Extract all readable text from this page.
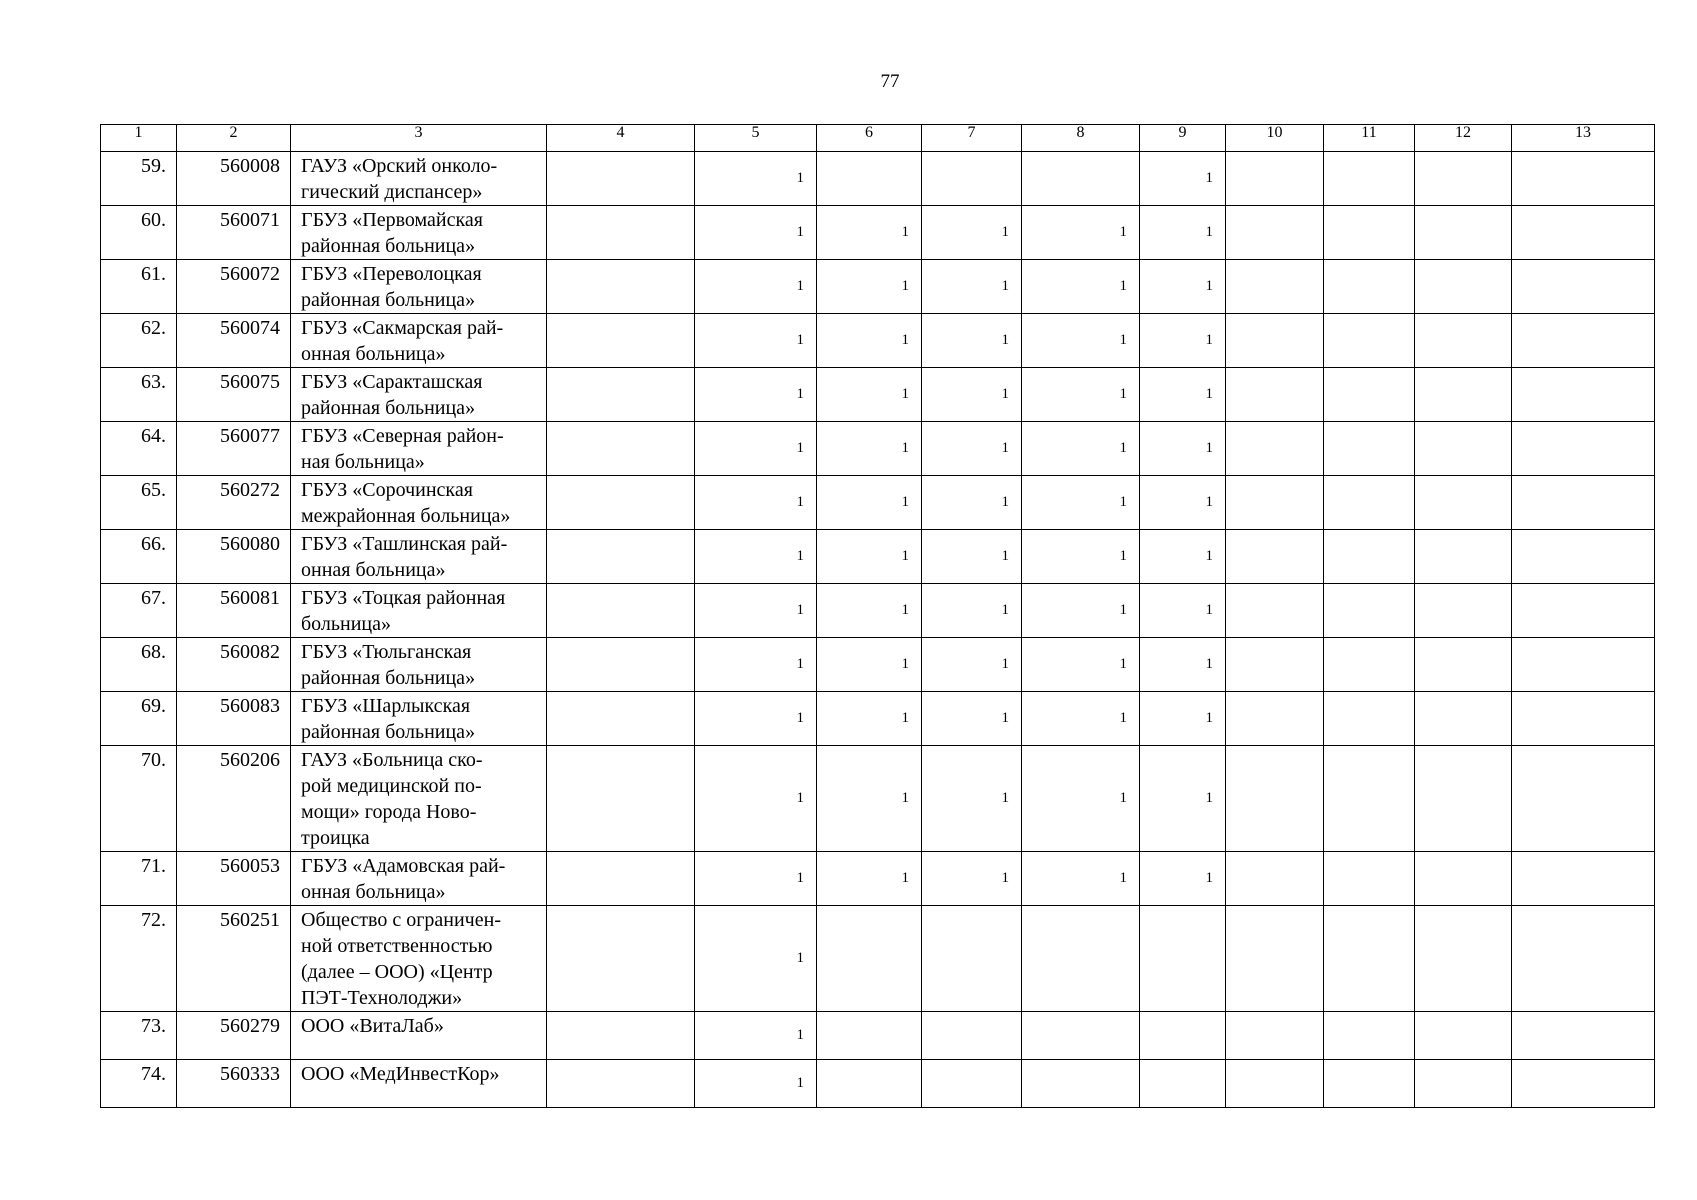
77
1	2	3	4	5	6	7	8	9	10	11	12	13
59.	560008	ГАУЗ «Орский онколо-
гический диспансер»		1				1				
60.	560071	ГБУЗ «Первомайская
районная больница»		1	1	1	1	1				
61.	560072	ГБУЗ «Переволоцкая
районная больница»		1	1	1	1	1				
62.	560074	ГБУЗ «Сакмарская рай-
онная больница»		1	1	1	1	1				
63.	560075	ГБУЗ «Саракташская
районная больница»		1	1	1	1	1				
64.	560077	ГБУЗ «Северная район-
ная больница»		1	1	1	1	1				
65.	560272	ГБУЗ «Сорочинская
межрайонная больница»		1	1	1	1	1				
66.	560080	ГБУЗ «Ташлинская рай-
онная больница»		1	1	1	1	1				
67.	560081	ГБУЗ «Тоцкая районная
больница»		1	1	1	1	1				
68.	560082	ГБУЗ «Тюльганская
районная больница»		1	1	1	1	1				
69.	560083	ГБУЗ «Шарлыкская
районная больница»		1	1	1	1	1				
70.	560206	ГАУЗ «Больница ско-
рой медицинской по-
мощи» города Ново-
троицка		1	1	1	1	1				
71.	560053	ГБУЗ «Адамовская рай-
онная больница»		1	1	1	1	1				
72.	560251	Общество с ограничен-
ной ответственностью
(далее – ООО) «Центр
ПЭТ-Технолоджи»		1								
73.	560279	ООО «ВитаЛаб»		1								
74.	560333	ООО «МедИнвестКор»		1								
